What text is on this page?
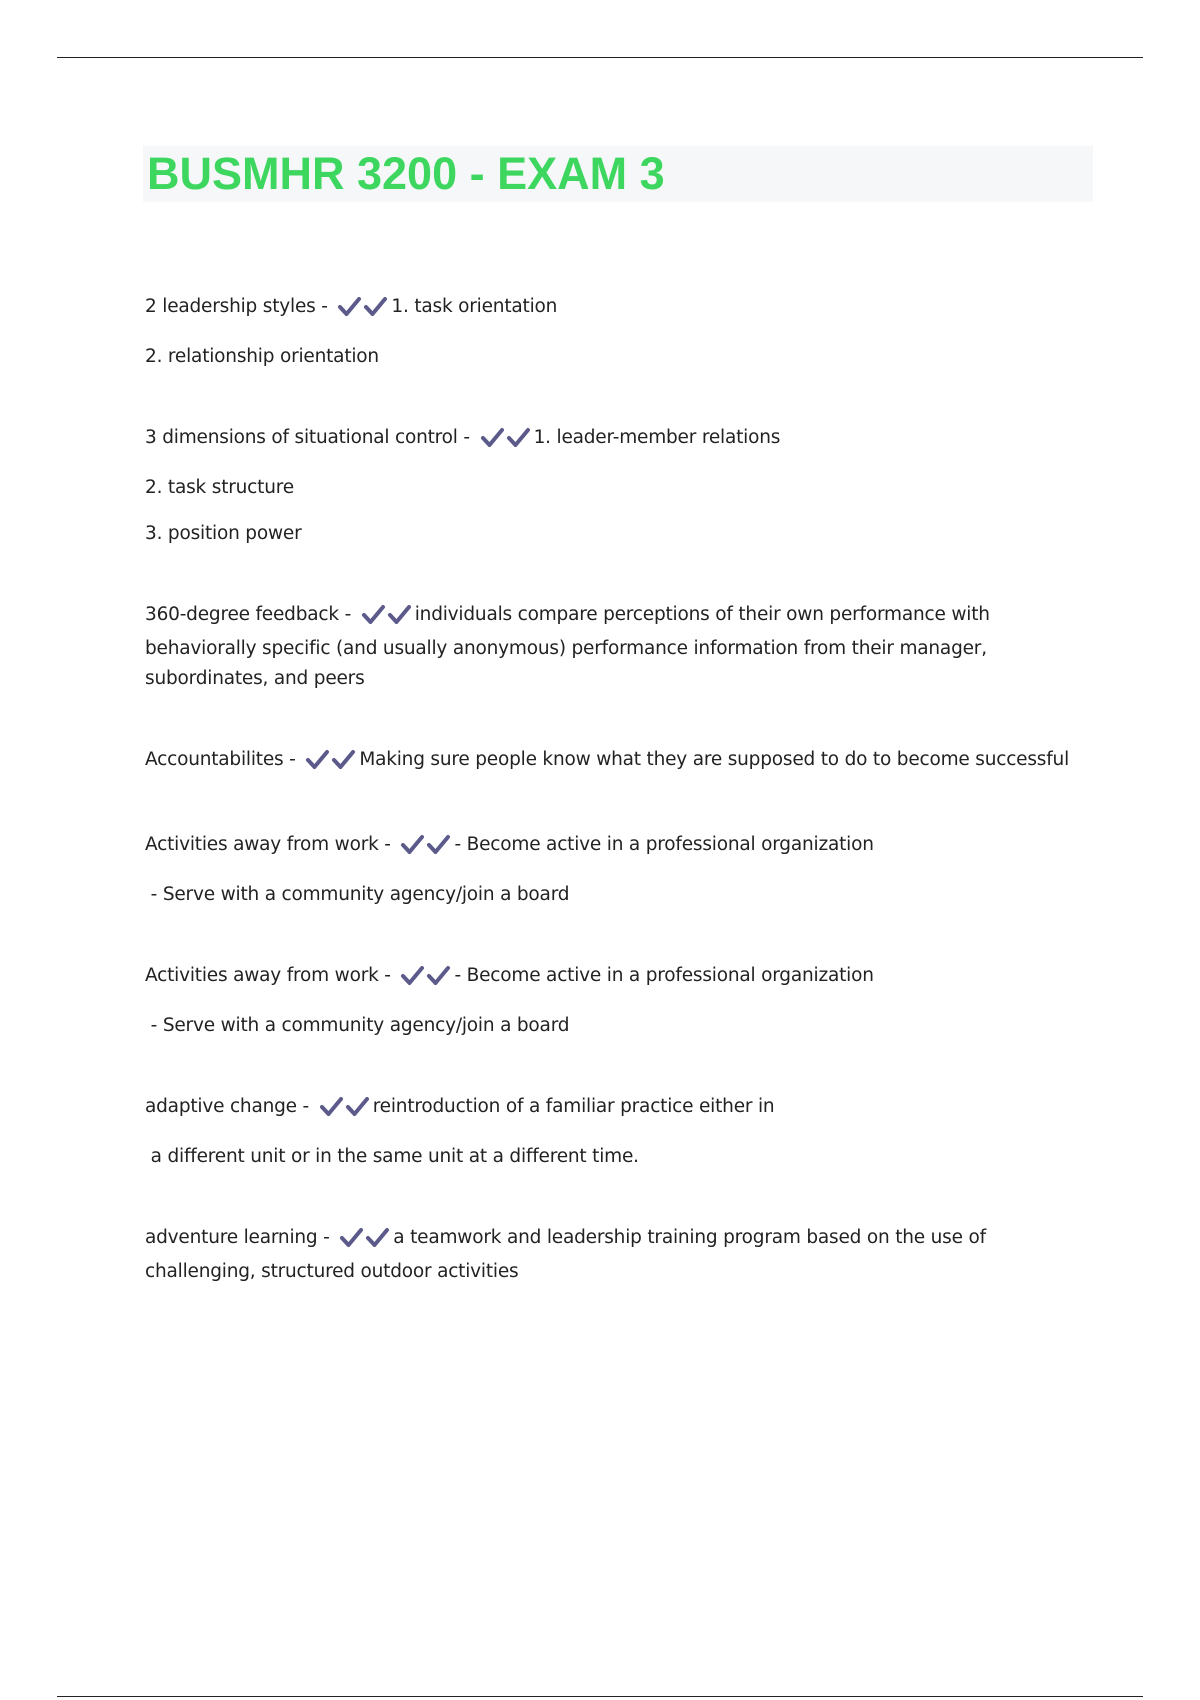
BUSMHR 3200 - EXAM 3

2 leadership styles -	1. task orientation

2. relationship orientation

3 dimensions of situational control -	1. leader-member relations

2. task structure

3. position power

360-degree feedback -	individuals compare perceptions of their own performance with behaviorally specific (and usually anonymous) performance information from their manager, subordinates, and peers

Accountabilites -	Making sure people know what they are supposed to do to become successful

Activities away from work -	- Become active in a professional organization

- Serve with a community agency/join a board

Activities away from work -	- Become active in a professional organization

- Serve with a community agency/join a board

adaptive change -	reintroduction of a familiar practice either in

a different unit or in the same unit at a different time.

adventure learning -	a teamwork and leadership training program based on the use of challenging, structured outdoor activities
